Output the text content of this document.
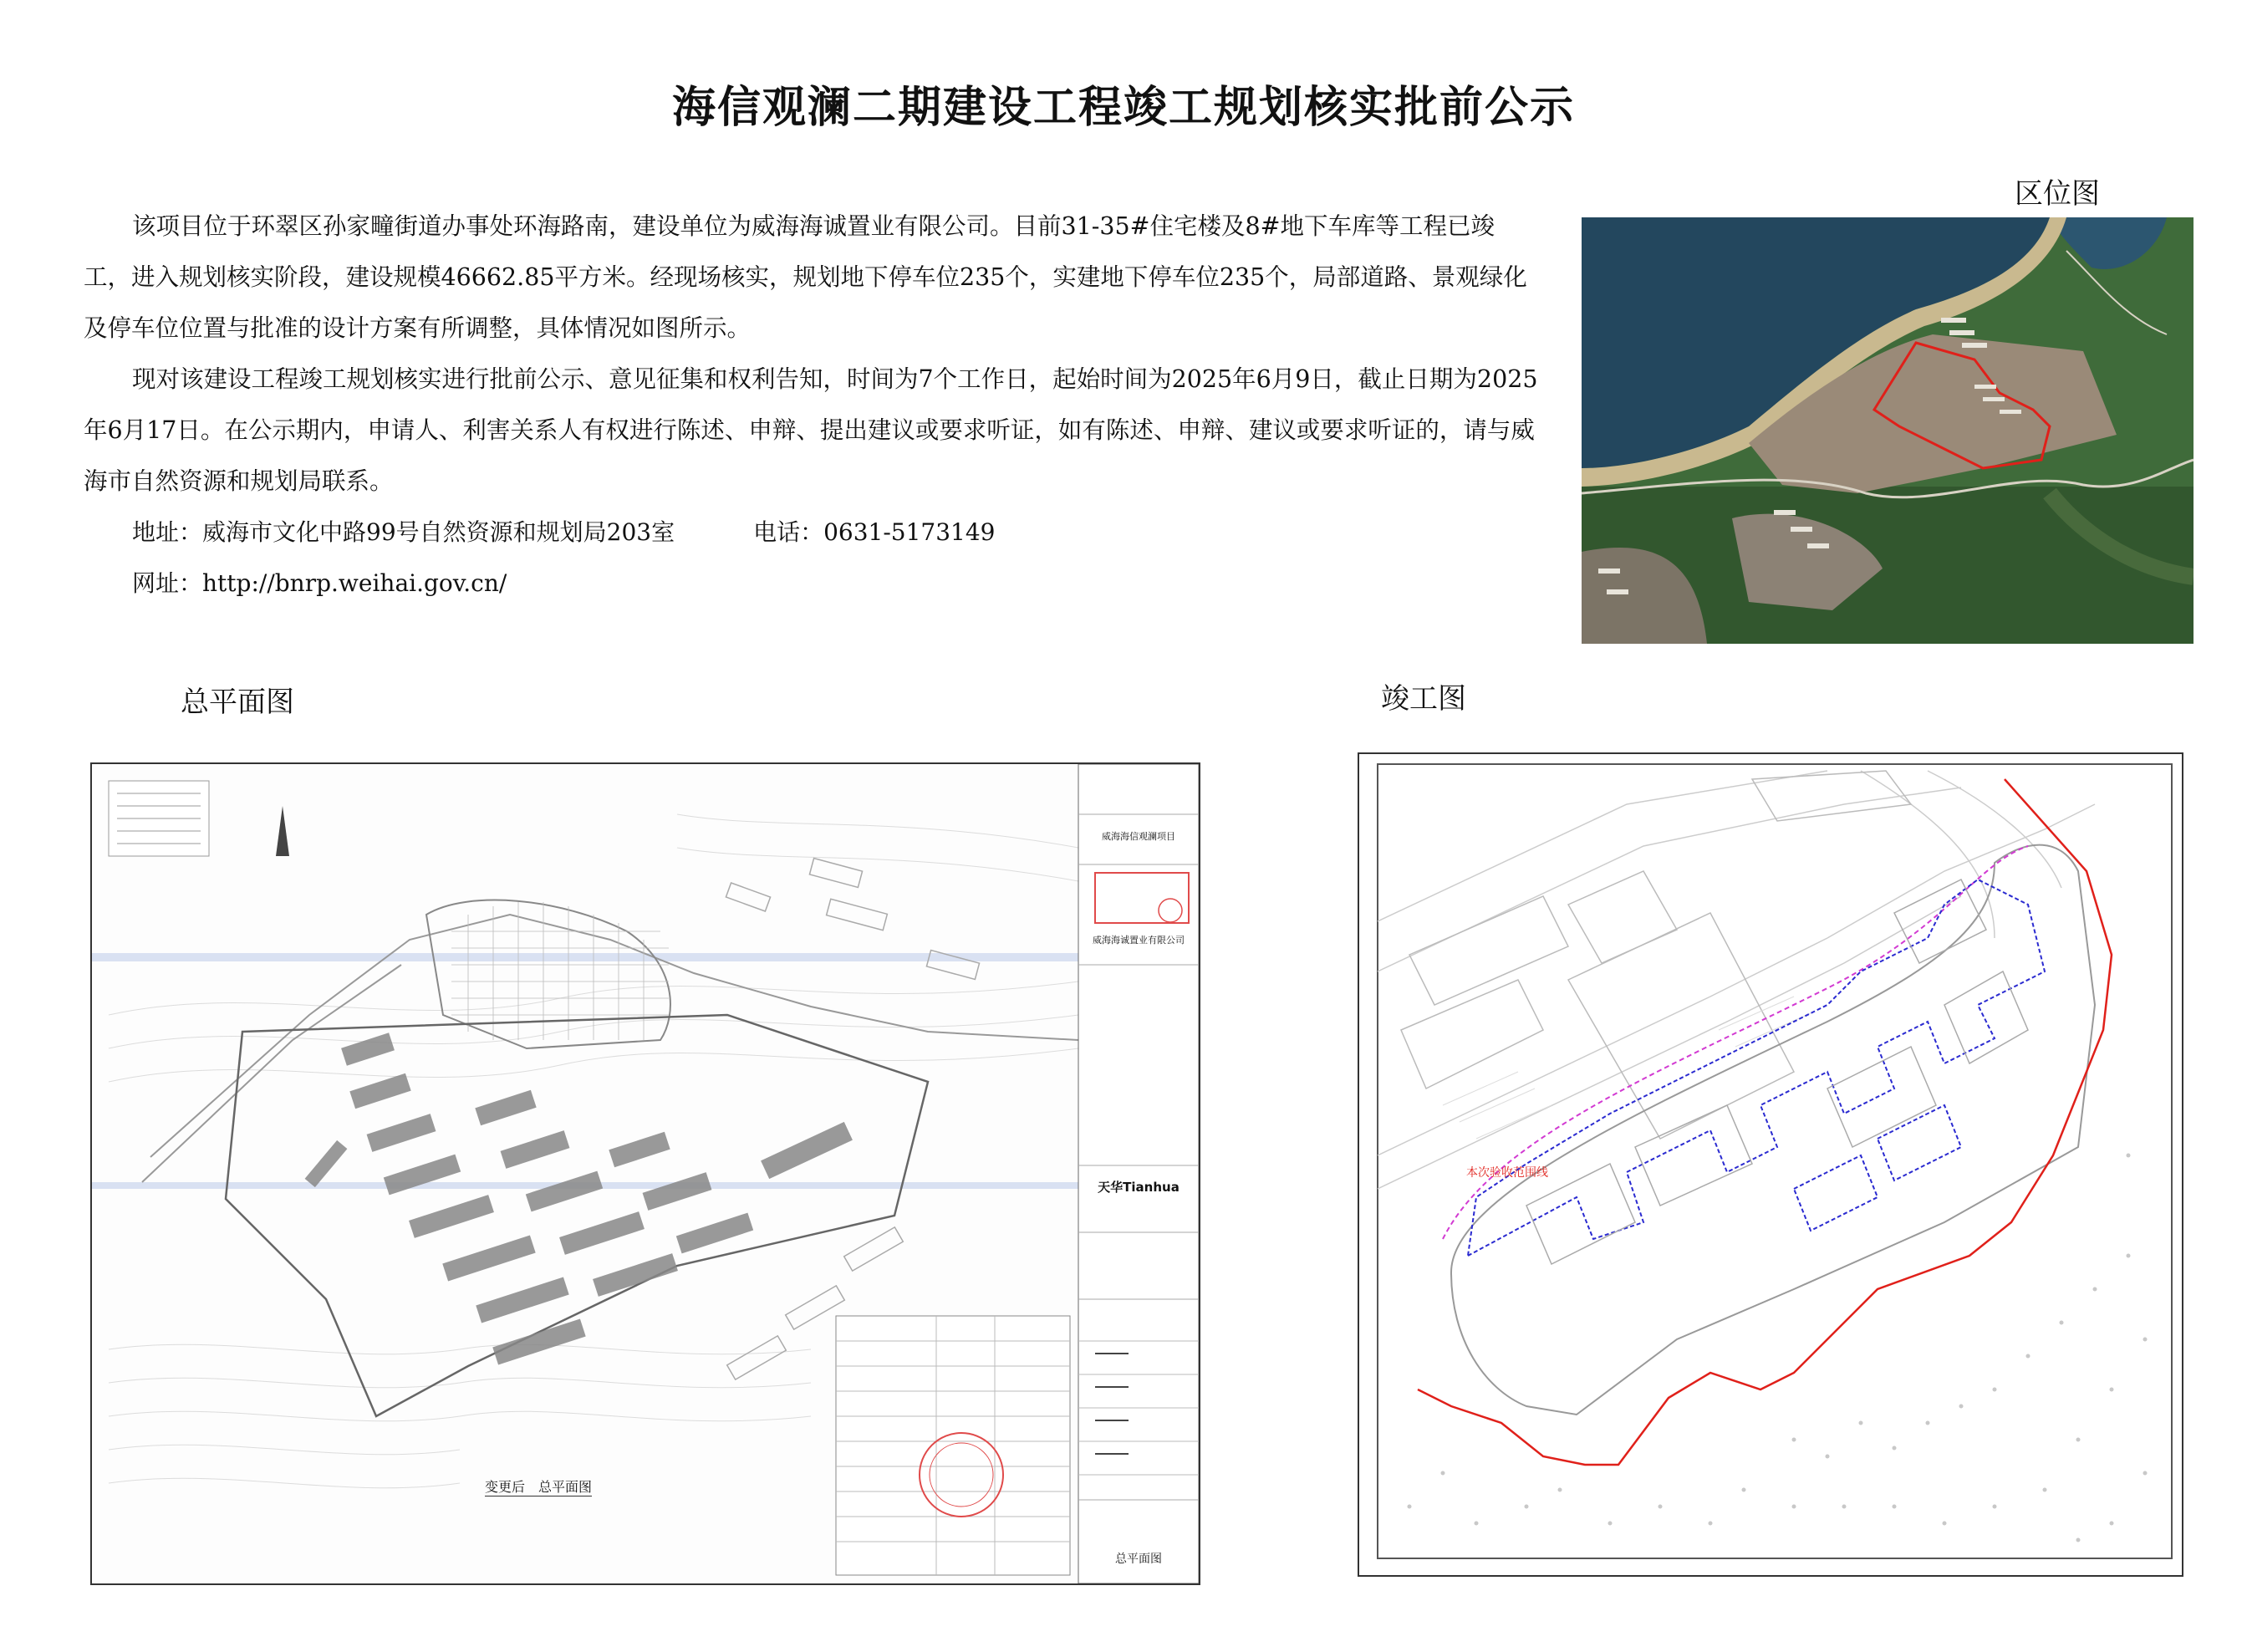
海信观澜二期建设工程竣工规划核实批前公示

该项目位于环翠区孙家疃街道办事处环海路南，建设单位为威海海诚置业有限公司。目前31-35#住宅楼及8#地下车库等工程已竣工，进入规划核实阶段，建设规模46662.85平方米。经现场核实，规划地下停车位235个，实建地下停车位235个，局部道路、景观绿化及停车位位置与批准的设计方案有所调整，具体情况如图所示。

现对该建设工程竣工规划核实进行批前公示、意见征集和权利告知，时间为7个工作日，起始时间为2025年6月9日，截止日期为2025年6月17日。在公示期内，申请人、利害关系人有权进行陈述、申辩、提出建议或要求听证，如有陈述、申辩、建议或要求听证的，请与威海市自然资源和规划局联系。

地址：威海市文化中路99号自然资源和规划局203室	电话：0631-5173149

网址：http://bnrp.weihai.gov.cn/

区位图
总平面图	竣工图
威海海信观澜项目
威海海诚置业有限公司
天华Tianhua
总平面图
变更后　总平面图
本次验收范围线
